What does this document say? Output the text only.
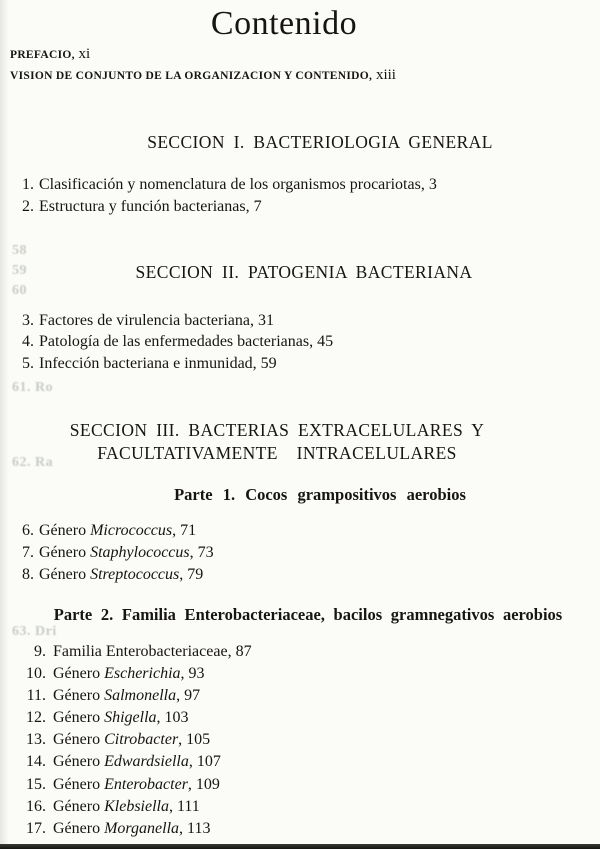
58
59
60
61. Ro
62. Ra
63. Dri
Contenido
PREFACIO, xi
VISION DE CONJUNTO DE LA ORGANIZACION Y CONTENIDO, xiii
SECCION I. BACTERIOLOGIA GENERAL
1. Clasificación y nomenclatura de los organismos procariotas, 3
2. Estructura y función bacterianas, 7
SECCION II. PATOGENIA BACTERIANA
3. Factores de virulencia bacteriana, 31
4. Patología de las enfermedades bacterianas, 45
5. Infección bacteriana e inmunidad, 59
SECCION III. BACTERIAS EXTRACELULARES Y
FACULTATIVAMENTE INTRACELULARES
Parte 1. Cocos grampositivos aerobios
6. Género Micrococcus, 71
7. Género Staphylococcus, 73
8. Género Streptococcus, 79
Parte 2. Familia Enterobacteriaceae, bacilos gramnegativos aerobios
9. Familia Enterobacteriaceae, 87
10. Género Escherichia, 93
11. Género Salmonella, 97
12. Género Shigella, 103
13. Género Citrobacter, 105
14. Género Edwardsiella, 107
15. Género Enterobacter, 109
16. Género Klebsiella, 111
17. Género Morganella, 113
